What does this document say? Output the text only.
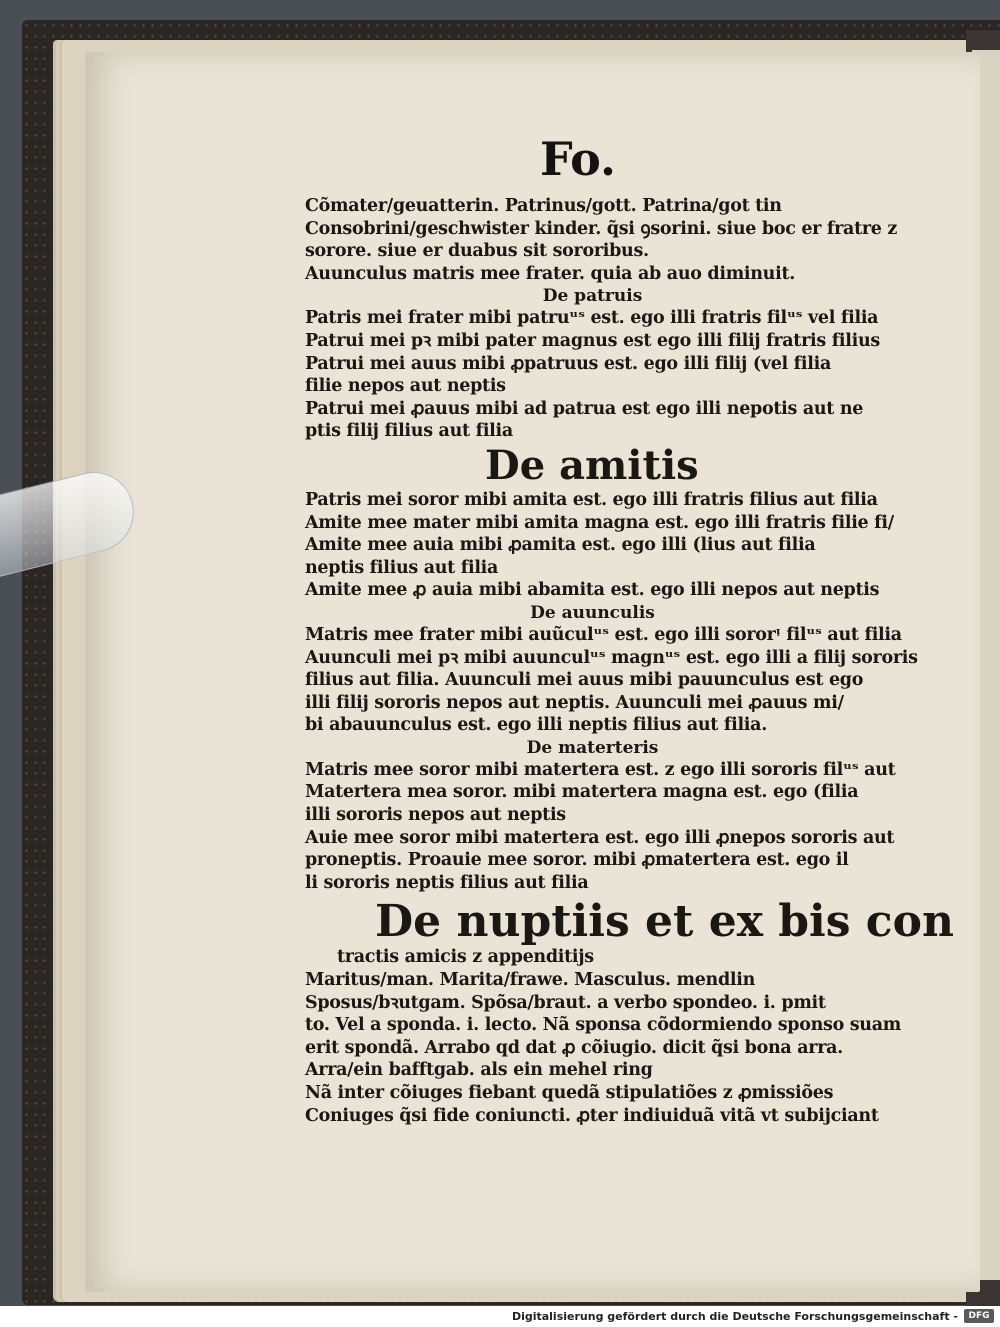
Fo.
Cõmater/geuatterin. Patrinus/gott. Patrina/got tin
Consobrini/geschwister kinder. q̃si ꝯsorini. siue boc er fratre z
sorore. siue er duabus sit sororibus.
Auunculus matris mee frater. quia ab auo diminuit.
De patruis
Patris mei frater mibi patruᵘˢ est. ego illi fratris filᵘˢ vel filia
Patrui mei pꝛ mibi pater magnus est ego illi filij fratris filius
Patrui mei auus mibi ꝓpatruus est. ego illi filij (vel filia
filie nepos aut neptis
Patrui mei ꝓauus mibi ad patrua est ego illi nepotis aut ne
ptis filij filius aut filia
De amitis
Patris mei soror mibi amita est. ego illi fratris filius aut filia
Amite mee mater mibi amita magna est. ego illi fratris filie fi/
Amite mee auia mibi ꝓamita est. ego illi (lius aut filia
neptis filius aut filia
Amite mee ꝓ auia mibi abamita est. ego illi nepos aut neptis
De auunculis
Matris mee frater mibi auũculᵘˢ est. ego illi sororᵎ filᵘˢ aut filia
Auunculi mei pꝛ mibi auunculᵘˢ magnᵘˢ est. ego illi a filij sororis
filius aut filia. Auunculi mei auus mibi pauunculus est ego
illi filij sororis nepos aut neptis. Auunculi mei ꝓauus mi/
bi abauunculus est. ego illi neptis filius aut filia.
De materteris
Matris mee soror mibi matertera est. z ego illi sororis filᵘˢ aut
Matertera mea soror. mibi matertera magna est. ego (filia
illi sororis nepos aut neptis
Auie mee soror mibi matertera est. ego illi ꝓnepos sororis aut
proneptis. Proauie mee soror. mibi ꝓmatertera est. ego il
li sororis neptis filius aut filia
De nuptiis et ex bis con
tractis amicis z appenditijs
Maritus/man. Marita/frawe. Masculus. mendlin
Sposus/bꝛutgam. Spõsa/braut. a verbo spondeo. i. pmit
to. Vel a sponda. i. lecto. Nã sponsa cõdormiendo sponso suam
erit spondã. Arrabo qd dat ꝓ cõiugio. dicit q̃si bona arra.
Arra/ein bafftgab. als ein mehel ring
Nã inter cõiuges fiebant quedã stipulatiões z ꝓmissiões
Coniuges q̃si fide coniuncti. ꝓter indiuiduã vitã vt subijciant
Digitalisierung gefördert durch die Deutsche Forschungsgemeinschaft -	DFG
